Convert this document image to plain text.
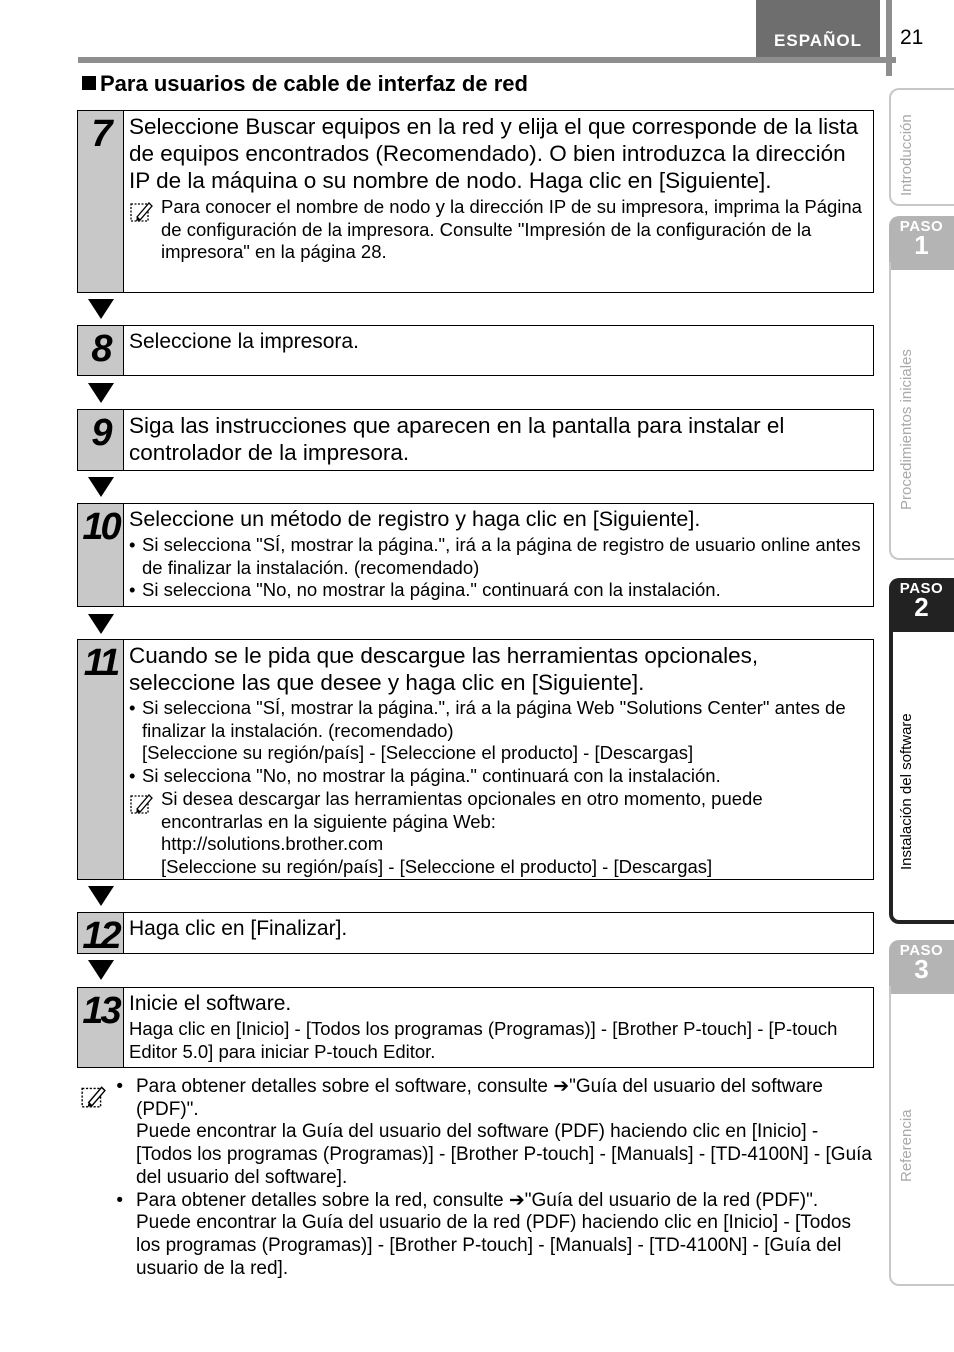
ESPAÑOL	21
Para usuarios de cable de interfaz de red
7 Seleccione Buscar equipos en la red y elija el que corresponde de la lista de equipos encontrados (Recomendado). O bien introduzca la dirección IP de la máquina o su nombre de nodo. Haga clic en [Siguiente].
Para conocer el nombre de nodo y la dirección IP de su impresora, imprima la Página de configuración de la impresora. Consulte "Impresión de la configuración de la impresora" en la página 28.
8 Seleccione la impresora.
9 Siga las instrucciones que aparecen en la pantalla para instalar el controlador de la impresora.
10 Seleccione un método de registro y haga clic en [Siguiente].
• Si selecciona "SÍ, mostrar la página.", irá a la página de registro de usuario online antes de finalizar la instalación. (recomendado)
• Si selecciona "No, no mostrar la página." continuará con la instalación.
11 Cuando se le pida que descargue las herramientas opcionales, seleccione las que desee y haga clic en [Siguiente].
• Si selecciona "SÍ, mostrar la página.", irá a la página Web "Solutions Center" antes de finalizar la instalación. (recomendado)
[Seleccione su región/país] - [Seleccione el producto] - [Descargas]
• Si selecciona "No, no mostrar la página." continuará con la instalación.
Si desea descargar las herramientas opcionales en otro momento, puede encontrarlas en la siguiente página Web:
http://solutions.brother.com
[Seleccione su región/país] - [Seleccione el producto] - [Descargas]
12 Haga clic en [Finalizar].
13 Inicie el software.
Haga clic en [Inicio] - [Todos los programas (Programas)] - [Brother P-touch] - [P-touch Editor 5.0] para iniciar P-touch Editor.
• Para obtener detalles sobre el software, consulte ➔"Guía del usuario del software (PDF)".
Puede encontrar la Guía del usuario del software (PDF) haciendo clic en [Inicio] - [Todos los programas (Programas)] - [Brother P-touch] - [Manuals] - [TD-4100N] - [Guía del usuario del software].
• Para obtener detalles sobre la red, consulte ➔"Guía del usuario de la red (PDF)".
Puede encontrar la Guía del usuario de la red (PDF) haciendo clic en [Inicio] - [Todos los programas (Programas)] - [Brother P-touch] - [Manuals] - [TD-4100N] - [Guía del usuario de la red].
Introducción
PASO
1
Procedimientos iniciales
PASO
2
Instalación del software
PASO
3
Referencia
